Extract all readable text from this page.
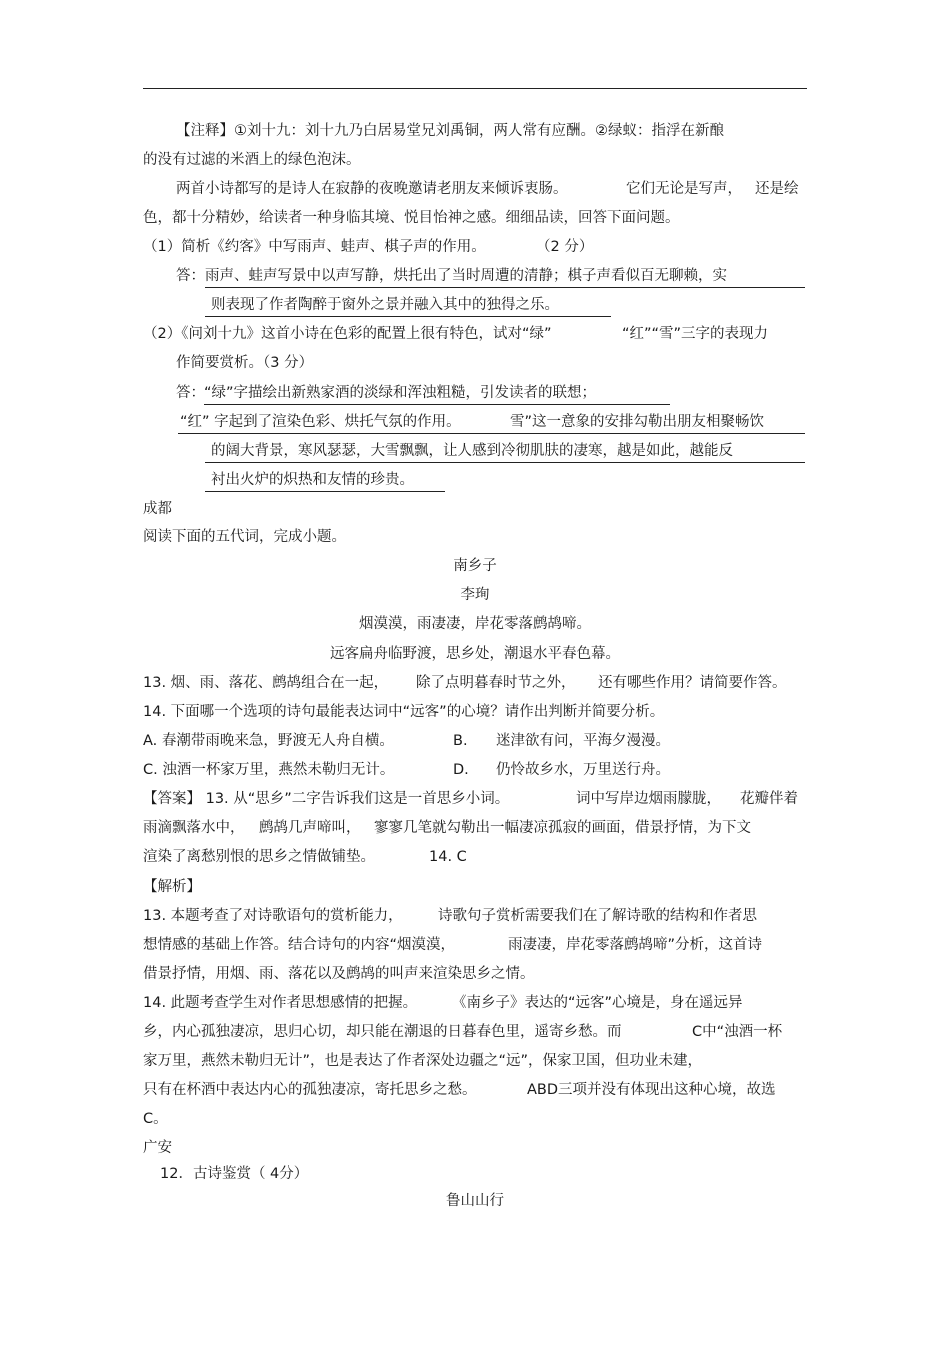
【注释】①刘十九：刘十九乃白居易堂兄刘禹铜，两人常有应酬。②绿蚁：指浮在新酿
的没有过滤的米酒上的绿色泡沫。
两首小诗都写的是诗人在寂静的夜晚邀请老朋友来倾诉衷肠。	它们无论是写声， 还是绘
色，都十分精妙，给读者一种身临其境、悦目怡神之感。细细品读，回答下面问题。
（1）简析《约客》中写雨声、蛙声、棋子声的作用。	（2 分）
答：雨声、蛙声写景中以声写静，烘托出了当时周遭的清静；棋子声看似百无聊赖，实
则表现了作者陶醉于窗外之景并融入其中的独得之乐。
（2）《问刘十九》这首小诗在色彩的配置上很有特色，试对“绿”	“红”“雪”三字的表现力
作简要赏析。（3 分）
答： “绿”字描绘出新熟家酒的淡绿和浑浊粗糙，引发读者的联想；
“红” 字起到了渲染色彩、烘托气氛的作用。	雪”这一意象的安排勾勒出朋友相聚畅饮
的阔大背景，寒风瑟瑟，大雪飘飘，让人感到冷彻肌肤的凄寒，越是如此，越能反
衬出火炉的炽热和友情的珍贵。
成都
阅读下面的五代词，完成小题。
南乡子
李珣
烟漠漠，雨凄凄，岸花零落鹧鸪啼。
远客扁舟临野渡，思乡处，潮退水平春色幕。
13. 烟、雨、落花、鹧鸪组合在一起， 除了点明暮春时节之外， 还有哪些作用？请简要作答。
14. 下面哪一个选项的诗句最能表达词中“远客”的心境？请作出判断并简要分析。
A. 春潮带雨晚来急，野渡无人舟自横。	B. 迷津欲有问，平海夕漫漫。
C. 浊酒一杯家万里，燕然未勒归无计。	D. 仍怜故乡水，万里送行舟。
【答案】 13. 从“思乡”二字告诉我们这是一首思乡小词。	词中写岸边烟雨朦胧， 花瓣伴着
雨滴飘落水中， 鹧鸪几声啼叫， 寥寥几笔就勾勒出一幅凄凉孤寂的画面，借景抒情，为下文
渲染了离愁别恨的思乡之情做铺垫。	14. C
【解析】
13. 本题考查了对诗歌语句的赏析能力， 诗歌句子赏析需要我们在了解诗歌的结构和作者思
想情感的基础上作答。结合诗句的内容“烟漠漠，	雨凄凄，岸花零落鹧鸪啼”分析，这首诗
借景抒情，用烟、雨、落花以及鹧鸪的叫声来渲染思乡之情。
14. 此题考查学生对作者思想感情的把握。 《南乡子》表达的“远客”心境是，身在遥远异
乡，内心孤独凄凉，思归心切，却只能在潮退的日暮春色里，遥寄乡愁。而	C中“浊酒一杯
家万里，燕然未勒归无计”，也是表达了作者深处边疆之“远”，保家卫国，但功业未建，
只有在杯酒中表达内心的孤独凄凉，寄托思乡之愁。	ABD三项并没有体现出这种心境，故选
C。
广安
12．古诗鉴赏（ 4分）
鲁山山行
